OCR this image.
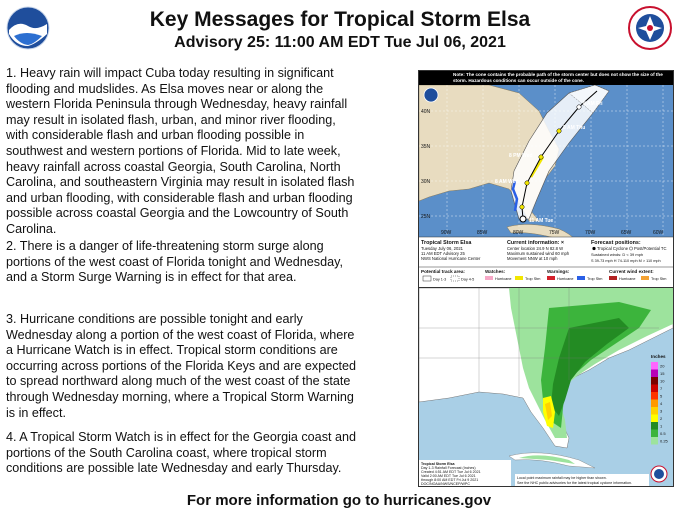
Key Messages for Tropical Storm Elsa
Advisory 25: 11:00 AM EDT Tue Jul 06, 2021
1. Heavy rain will impact Cuba today resulting in significant flooding and mudslides. As Elsa moves near or along the western Florida Peninsula through Wednesday, heavy rainfall may result in isolated flash, urban, and minor river flooding, with considerable flash and urban flooding possible in southwest and western portions of Florida. Mid to late week, heavy rainfall across coastal Georgia, South Carolina, North Carolina, and southeastern Virginia may result in isolated flash and urban flooding, with considerable flash and urban flooding possible across coastal Georgia and the Lowcountry of South Carolina.
2. There is a danger of life-threatening storm surge along portions of the west coast of Florida tonight and Wednesday, and a Storm Surge Warning is in effect for that area.
3. Hurricane conditions are possible tonight and early Wednesday along a portion of the west coast of Florida, where a Hurricane Watch is in effect. Tropical storm conditions are occurring across portions of the Florida Keys and are expected to spread northward along much of the west coast of the state through Wednesday morning, where a Tropical Storm Warning is in effect.
4. A Tropical Storm Watch is in effect for the Georgia coast and portions of the South Carolina coast, where tropical storm conditions are possible late Wednesday and early Thursday.
Note: The cone contains the probable path of the storm center but does not show the size of the storm. Hazardous conditions can occur outside of the cone.
40N
35N
30N
25N
90W	85W	80W	75W	70W	65W	60W
8 AM Fri
8 AM Thu
8 PM Wed
8 AM Wed
11 AM Tue
Tropical Storm Elsa
Tuesday July 06, 2021
11 AM EDT Advisory 25
NWS National Hurricane Center
Current information: ×
Center location 24.9 N 82.8 W
Maximum sustained wind 60 mph
Movement NNW at 10 mph
Forecast positions:
Tropical Cyclone Post/Potential TC
Sustained winds: D < 39 mph
S 39-73 mph H 74-110 mph M > 110 mph
Potential track area:
Day 1-3	Day 4-5
Watches:
Hurricane	Trop Stm
Warnings:
Hurricane	Trop Stm
Current wind extent:
Hurricane	Trop Stm
Inches
20
15
10
7
5
4
3
2
1
0.5
0.25
Tropical Storm Elsa
Day 1-3 Rainfall Forecast (Inches)
Created 4:51 AM EDT Tue Jul 6 2021
Valid 2:00 AM EDT Tue Jul 6 2021
through 8:00 AM EDT Fri Jul 9 2021
DOC/NOAA/NWS/NCEP/WPC
Local point maximum rainfall may be higher than shown.
See the NHC public advisories for the latest tropical cyclone information.
For more information go to hurricanes.gov
